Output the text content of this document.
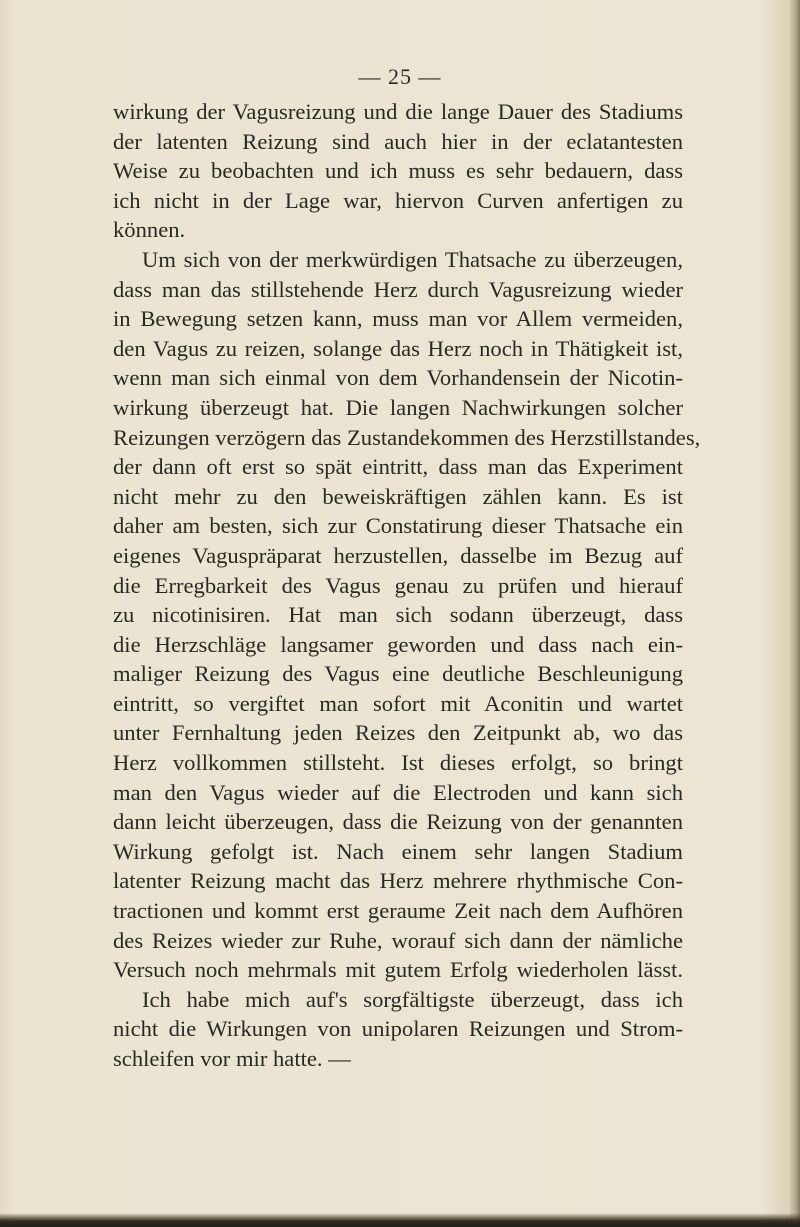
— 25 —
wirkung der Vagusreizung und die lange Dauer des Stadiums
der latenten Reizung sind auch hier in der eclatantesten
Weise zu beobachten und ich muss es sehr bedauern, dass
ich nicht in der Lage war, hiervon Curven anfertigen zu
können.
Um sich von der merkwürdigen Thatsache zu überzeugen,
dass man das stillstehende Herz durch Vagusreizung wieder
in Bewegung setzen kann, muss man vor Allem vermeiden,
den Vagus zu reizen, solange das Herz noch in Thätigkeit ist,
wenn man sich einmal von dem Vorhandensein der Nicotin-
wirkung überzeugt hat. Die langen Nachwirkungen solcher
Reizungen verzögern das Zustandekommen des Herzstillstandes,
der dann oft erst so spät eintritt, dass man das Experiment
nicht mehr zu den beweiskräftigen zählen kann. Es ist
daher am besten, sich zur Constatirung dieser Thatsache ein
eigenes Vaguspräparat herzustellen, dasselbe im Bezug auf
die Erregbarkeit des Vagus genau zu prüfen und hierauf
zu nicotinisiren. Hat man sich sodann überzeugt, dass
die Herzschläge langsamer geworden und dass nach ein-
maliger Reizung des Vagus eine deutliche Beschleunigung
eintritt, so vergiftet man sofort mit Aconitin und wartet
unter Fernhaltung jeden Reizes den Zeitpunkt ab, wo das
Herz vollkommen stillsteht. Ist dieses erfolgt, so bringt
man den Vagus wieder auf die Electroden und kann sich
dann leicht überzeugen, dass die Reizung von der genannten
Wirkung gefolgt ist. Nach einem sehr langen Stadium
latenter Reizung macht das Herz mehrere rhythmische Con-
tractionen und kommt erst geraume Zeit nach dem Aufhören
des Reizes wieder zur Ruhe, worauf sich dann der nämliche
Versuch noch mehrmals mit gutem Erfolg wiederholen lässt.
Ich habe mich auf's sorgfältigste überzeugt, dass ich
nicht die Wirkungen von unipolaren Reizungen und Strom-
schleifen vor mir hatte. —
